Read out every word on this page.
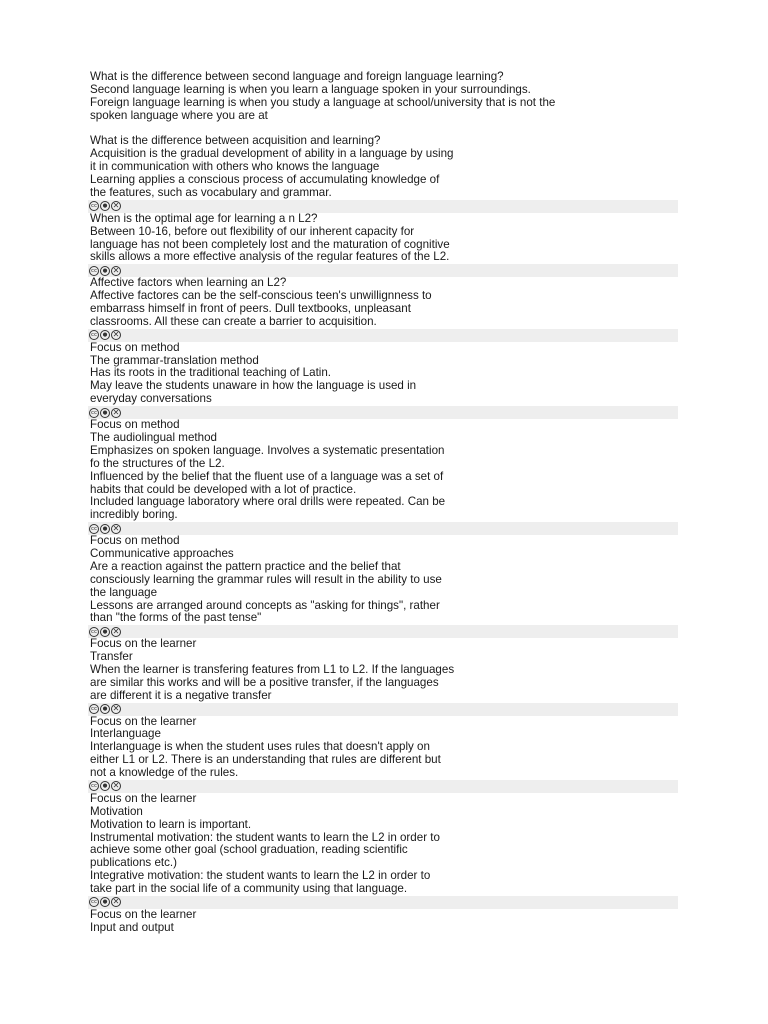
What is the difference between second language and foreign language learning?
Second language learning is when you learn a language spoken in your surroundings.
Foreign language learning is when you study a language at school/university that is not the
spoken language where you are at
What is the difference between acquisition and learning?
Acquisition is the gradual development of ability in a language by using
it in communication with others who knows the language
Learning applies a conscious process of accumulating knowledge of
the features, such as vocabulary and grammar.
cc	● ✕
When is the optimal age for learning a n L2?
Between 10-16, before out flexibility of our inherent capacity for
language has not been completely lost and the maturation of cognitive
skills allows a more effective analysis of the regular features of the L2.
cc	● ✕
Affective factors when learning an L2?
Affective factores can be the self-conscious teen's unwillignness to
embarrass himself in front of peers. Dull textbooks, unpleasant
classrooms. All these can create a barrier to acquisition.
cc	● ✕
Focus on method
The grammar-translation method
Has its roots in the traditional teaching of Latin.
May leave the students unaware in how the language is used in
everyday conversations
cc	● ✕
Focus on method
The audiolingual method
Emphasizes on spoken language. Involves a systematic presentation
fo the structures of the L2.
Influenced by the belief that the fluent use of a language was a set of
habits that could be developed with a lot of practice.
Included language laboratory where oral drills were repeated. Can be
incredibly boring.
cc	● ✕
Focus on method
Communicative approaches
Are a reaction against the pattern practice and the belief that
consciously learning the grammar rules will result in the ability to use
the language
Lessons are arranged around concepts as "asking for things", rather
than "the forms of the past tense"
cc	● ✕
Focus on the learner
Transfer
When the learner is transfering features from L1 to L2. If the languages
are similar this works and will be a positive transfer, if the languages
are different it is a negative transfer
cc	● ✕
Focus on the learner
Interlanguage
Interlanguage is when the student uses rules that doesn't apply on
either L1 or L2. There is an understanding that rules are different but
not a knowledge of the rules.
cc	● ✕
Focus on the learner
Motivation
Motivation to learn is important.
Instrumental motivation: the student wants to learn the L2 in order to
achieve some other goal (school graduation, reading scientific
publications etc.)
Integrative motivation: the student wants to learn the L2 in order to
take part in the social life of a community using that language.
cc	● ✕
Focus on the learner
Input and output
